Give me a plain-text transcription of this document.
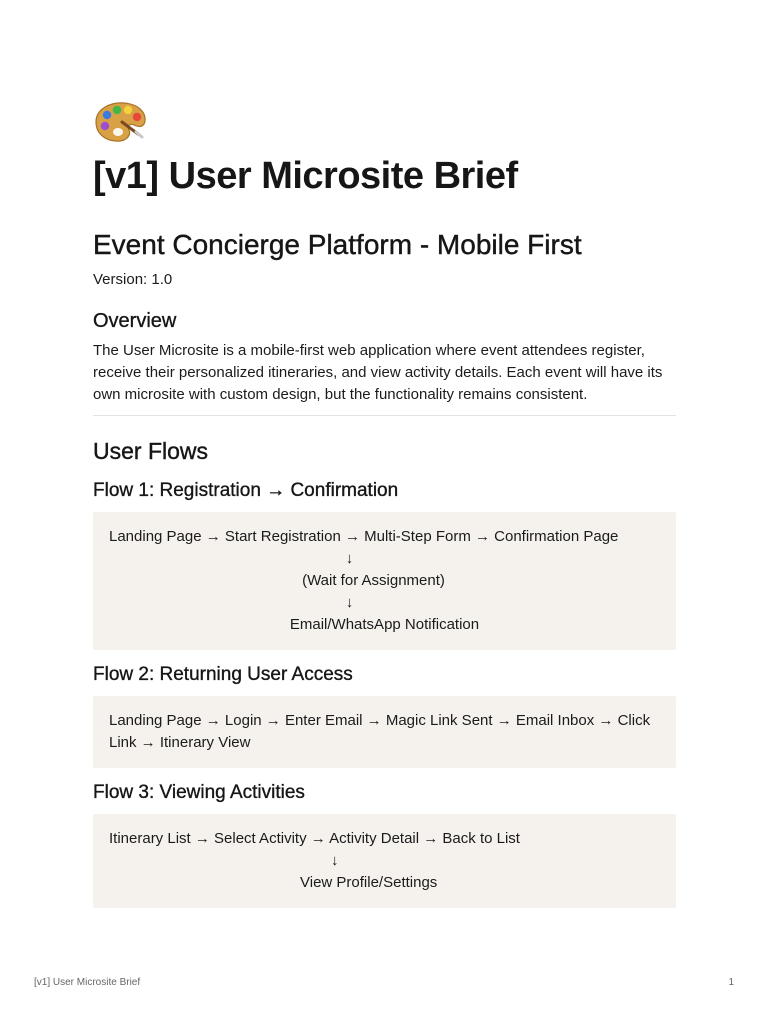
[v1] User Microsite Brief
Event Concierge Platform - Mobile First

Version: 1.0

Overview

The User Microsite is a mobile-first web application where event attendees register, receive their personalized itineraries, and view activity details. Each event will have its own microsite with custom design, but the functionality remains consistent.

User Flows
Flow 1: Registration → Confirmation
Landing Page → Start Registration → Multi-Step Form → Confirmation Page
↓
(Wait for Assignment)
↓
Email/WhatsApp Notification
Flow 2: Returning User Access
Landing Page → Login → Enter Email → Magic Link Sent → Email Inbox → Click Link → Itinerary View
Flow 3: Viewing Activities
Itinerary List → Select Activity → Activity Detail → Back to List
↓
View Profile/Settings
[v1] User Microsite Brief	1
